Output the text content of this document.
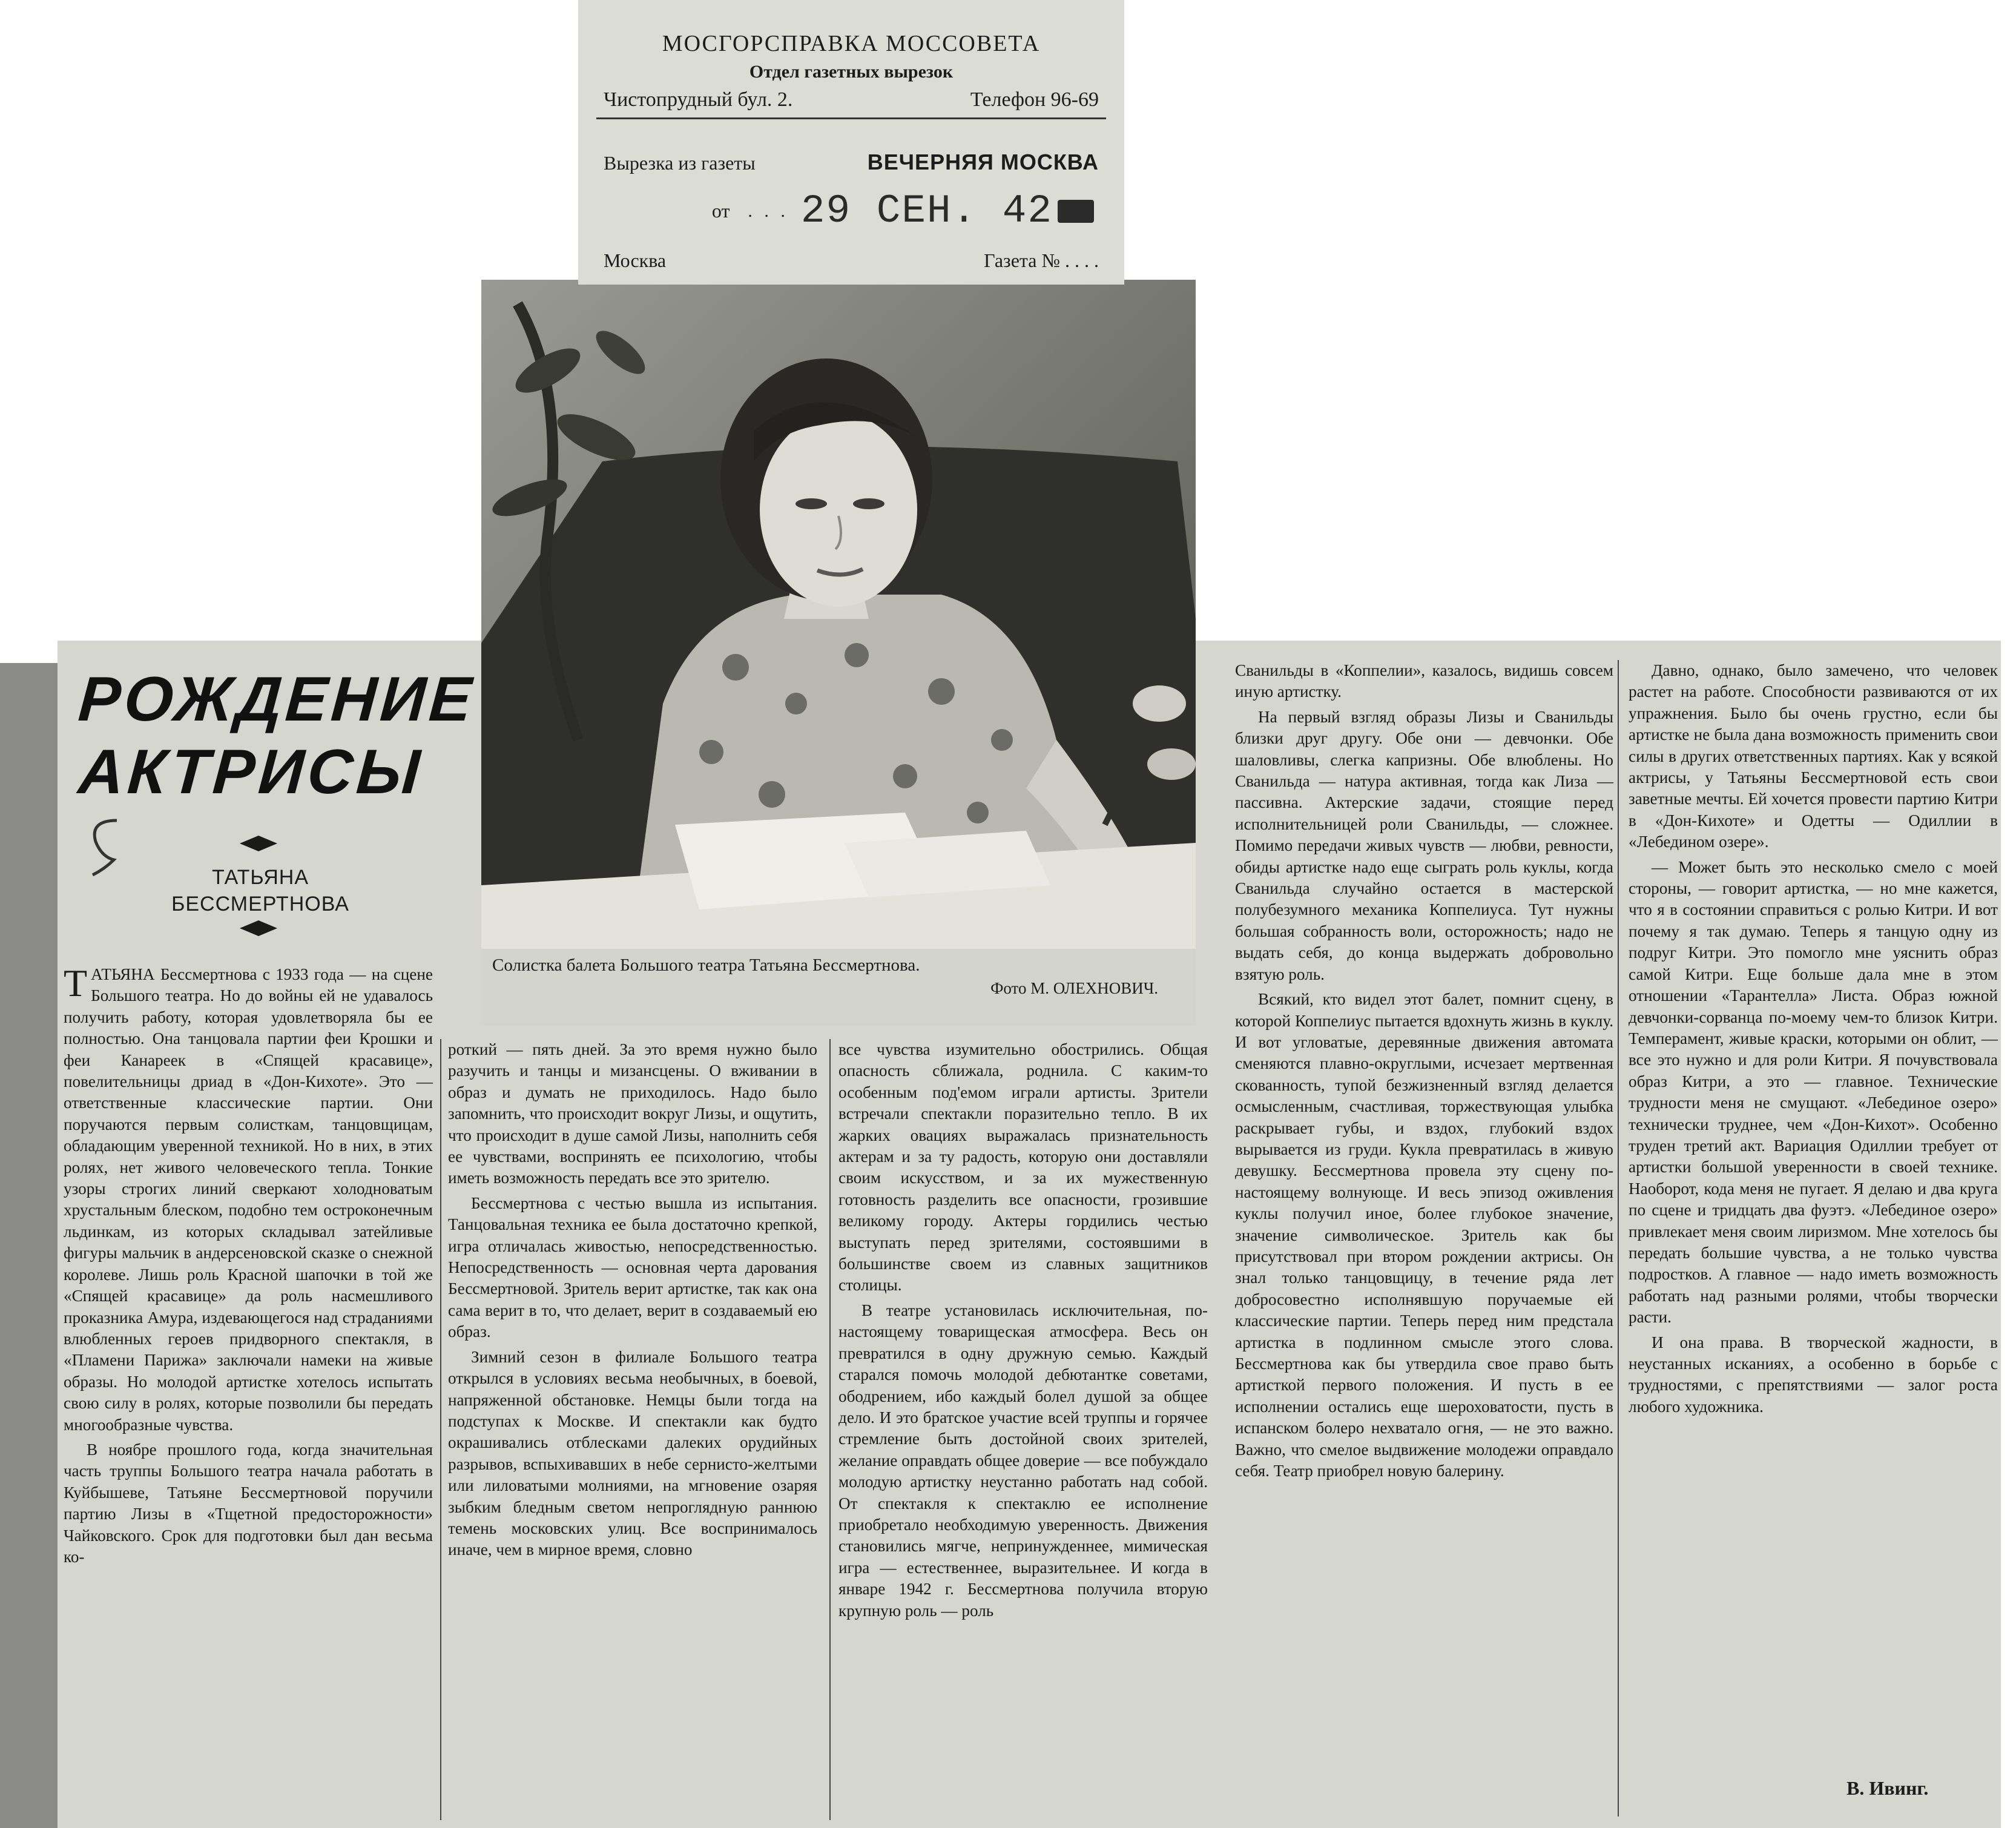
Солистка балета Большого театра Татьяна Бессмертнова.
Фото М. ОЛЕХНОВИЧ.
МОСГОРСПРАВКА МОССОВЕТА
Отдел газетных вырезок
Чистопрудный бул. 2.	Телефон 96-69
Вырезка из газеты	ВЕЧЕРНЯЯ МОСКВА
от . . . 29 СЕН. 42
Москва	Газета № . . . .
РОЖДЕНИЕ
АКТРИСЫ
ТАТЬЯНА
БЕССМЕРТНОВА

ТАТЬЯНА Бессмертнова с 1933 года — на сцене Большого театра. Но до войны ей не удавалось получить работу, которая удовлетворяла бы ее полностью. Она танцовала партии феи Крошки и феи Канареек в «Спящей красавице», повелительницы дриад в «Дон-Кихоте». Это — ответственные классические партии. Они поручаются первым солисткам, танцовщицам, обладающим уверенной техникой. Но в них, в этих ролях, нет живого человеческого тепла. Тонкие узоры строгих линий сверкают холодноватым хрустальным блеском, подобно тем остроконечным льдинкам, из которых складывал затейливые фигуры мальчик в андерсеновской сказке о снежной королеве. Лишь роль Красной шапочки в той же «Спящей красавице» да роль насмешливого проказника Амура, издевающегося над страданиями влюбленных героев придворного спектакля, в «Пламени Парижа» заключали намеки на живые образы. Но молодой артистке хотелось испытать свою силу в ролях, которые позволили бы передать многообразные чувства.

В ноябре прошлого года, когда значительная часть труппы Большого театра начала работать в Куйбышеве, Татьяне Бессмертновой поручили партию Лизы в «Тщетной предосторожности» Чайковского. Срок для подготовки был дан весьма ко-

роткий — пять дней. За это время нужно было разучить и танцы и мизансцены. О вживании в образ и думать не приходилось. Надо было запомнить, что происходит вокруг Лизы, и ощутить, что происходит в душе самой Лизы, наполнить себя ее чувствами, воспринять ее психологию, чтобы иметь возможность передать все это зрителю.

Бессмертнова с честью вышла из испытания. Танцовальная техника ее была достаточно крепкой, игра отличалась живостью, непосредственностью. Непосредственность — основная черта дарования Бессмертновой. Зритель верит артистке, так как она сама верит в то, что делает, верит в создаваемый ею образ.

Зимний сезон в филиале Большого театра открылся в условиях весьма необычных, в боевой, напряженной обстановке. Немцы были тогда на подступах к Москве. И спектакли как будто окрашивались отблесками далеких орудийных разрывов, вспыхивавших в небе сернисто-желтыми или лиловатыми молниями, на мгновение озаряя зыбким бледным светом непроглядную раннюю темень московских улиц. Все воспринималось иначе, чем в мирное время, словно

все чувства изумительно обострились. Общая опасность сближала, роднила. С каким-то особенным под'емом играли артисты. Зрители встречали спектакли поразительно тепло. В их жарких овациях выражалась признательность актерам и за ту радость, которую они доставляли своим искусством, и за их мужественную готовность разделить все опасности, грозившие великому городу. Актеры гордились честью выступать перед зрителями, состоявшими в большинстве своем из славных защитников столицы.

В театре установилась исключительная, по-настоящему товарищеская атмосфера. Весь он превратился в одну дружную семью. Каждый старался помочь молодой дебютантке советами, ободрением, ибо каждый болел душой за общее дело. И это братское участие всей труппы и горячее стремление быть достойной своих зрителей, желание оправдать общее доверие — все побуждало молодую артистку неустанно работать над собой. От спектакля к спектаклю ее исполнение приобретало необходимую уверенность. Движения становились мягче, непринужденнее, мимическая игра — естественнее, выразительнее. И когда в январе 1942 г. Бессмертнова получила вторую крупную роль — роль

Сванильды в «Коппелии», казалось, видишь совсем иную артистку.

На первый взгляд образы Лизы и Сванильды близки друг другу. Обе они — девчонки. Обе шаловливы, слегка капризны. Обе влюблены. Но Сванильда — натура активная, тогда как Лиза — пассивна. Актерские задачи, стоящие перед исполнительницей роли Сванильды, — сложнее. Помимо передачи живых чувств — любви, ревности, обиды артистке надо еще сыграть роль куклы, когда Сванильда случайно остается в мастерской полубезумного механика Коппелиуса. Тут нужны большая собранность воли, осторожность; надо не выдать себя, до конца выдержать добровольно взятую роль.

Всякий, кто видел этот балет, помнит сцену, в которой Коппелиус пытается вдохнуть жизнь в куклу. И вот угловатые, деревянные движения автомата сменяются плавно-округлыми, исчезает мертвенная скованность, тупой безжизненный взгляд делается осмысленным, счастливая, торжествующая улыбка раскрывает губы, и вздох, глубокий вздох вырывается из груди. Кукла превратилась в живую девушку. Бессмертнова провела эту сцену по-настоящему волнующе. И весь эпизод оживления куклы получил иное, более глубокое значение, значение символическое. Зритель как бы присутствовал при втором рождении актрисы. Он знал только танцовщицу, в течение ряда лет добросовестно исполнявшую поручаемые ей классические партии. Теперь перед ним предстала артистка в подлинном смысле этого слова. Бессмертнова как бы утвердила свое право быть артисткой первого положения. И пусть в ее исполнении остались еще шероховатости, пусть в испанском болеро нехватало огня, — не это важно. Важно, что смелое выдвижение молодежи оправдало себя. Театр приобрел новую балерину.

Давно, однако, было замечено, что человек растет на работе. Способности развиваются от их упражнения. Было бы очень грустно, если бы артистке не была дана возможность применить свои силы в других ответственных партиях. Как у всякой актрисы, у Татьяны Бессмертновой есть свои заветные мечты. Ей хочется провести партию Китри в «Дон-Кихоте» и Одетты — Одиллии в «Лебедином озере».

— Может быть это несколько смело с моей стороны, — говорит артистка, — но мне кажется, что я в состоянии справиться с ролью Китри. И вот почему я так думаю. Теперь я танцую одну из подруг Китри. Это помогло мне уяснить образ самой Китри. Еще больше дала мне в этом отношении «Тарантелла» Листа. Образ южной девчонки-сорванца по-моему чем-то близок Китри. Темперамент, живые краски, которыми он облит, — все это нужно и для роли Китри. Я почувствовала образ Китри, а это — главное. Технические трудности меня не смущают. «Лебединое озеро» технически труднее, чем «Дон-Кихот». Особенно труден третий акт. Вариация Одиллии требует от артистки большой уверенности в своей технике. Наоборот, кода меня не пугает. Я делаю и два круга по сцене и тридцать два фуэтэ. «Лебединое озеро» привлекает меня своим лиризмом. Мне хотелось бы передать большие чувства, а не только чувства подростков. А главное — надо иметь возможность работать над разными ролями, чтобы творчески расти.

И она права. В творческой жадности, в неустанных исканиях, а особенно в борьбе с трудностями, с препятствиями — залог роста любого художника.

В. Ивинг.
